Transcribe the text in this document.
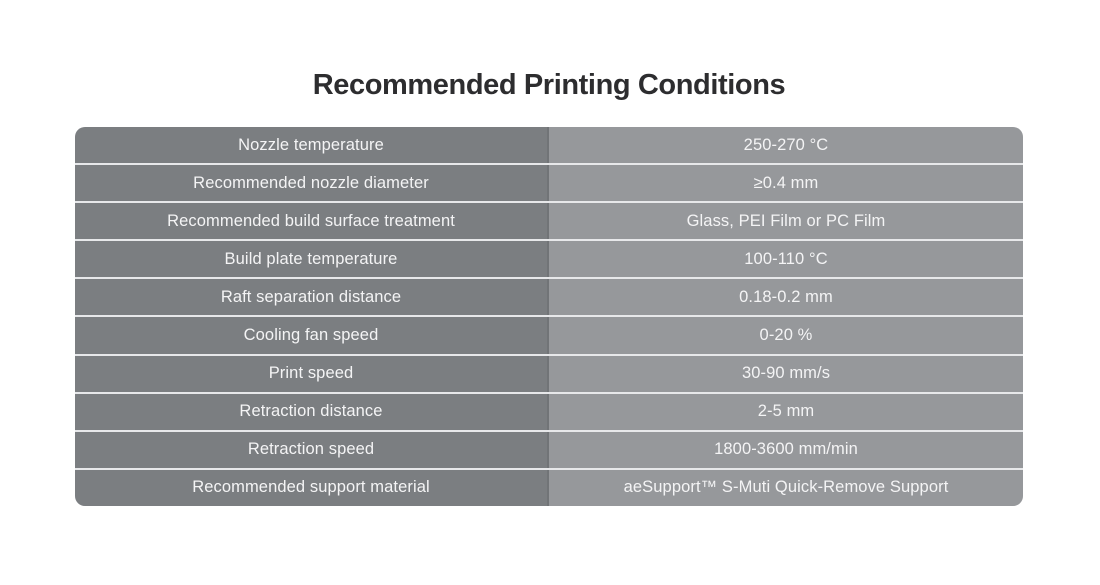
Recommended Printing Conditions
Nozzle temperature	250-270 °C
Recommended nozzle diameter	≥0.4 mm
Recommended build surface treatment	Glass, PEI Film or PC Film
Build plate temperature	100-110 °C
Raft separation distance	0.18-0.2 mm
Cooling fan speed	0-20 %
Print speed	30-90 mm/s
Retraction distance	2-5 mm
Retraction speed	1800-3600 mm/min
Recommended support material	aeSupport™ S-Muti Quick-Remove Support
